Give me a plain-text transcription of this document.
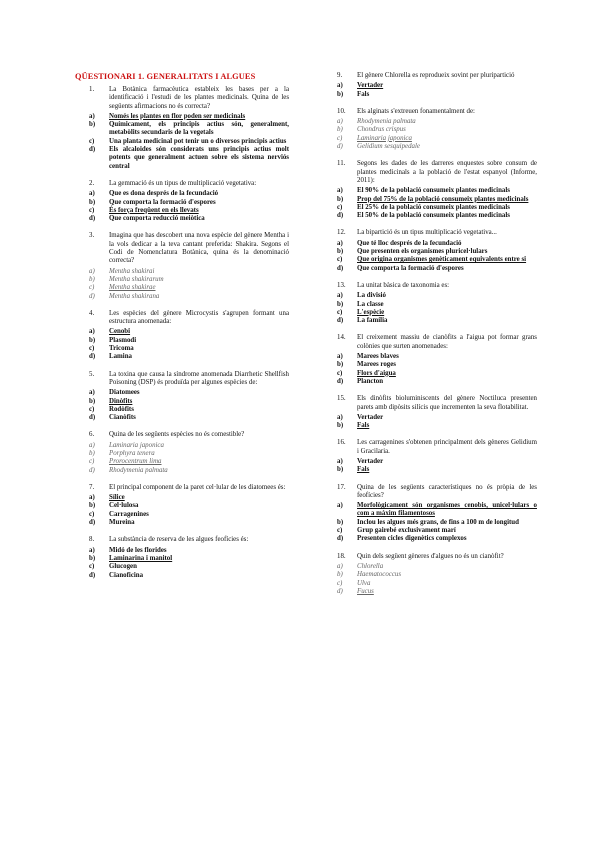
QÜESTIONARI 1. GENERALITATS I ALGUES
1. La Botànica farmacèutica estableix les bases per a la identificació i l'estudi de les plantes medicinals. Quina de les següents afirmacions no és correcta?
a) Només les plantes en flor poden ser medicinals
b) Químicament, els principis actius són, generalment, metabòlits secundaris de la vegetals
c) Una planta medicinal pot tenir un o diversos principis actius
d) Els alcaloides són considerats uns principis actius molt potents que generalment actuen sobre els sistema nerviós central
2. La gemmació és un tipus de multiplicació vegetativa:
a) Que es dona després de la fecundació
b) Que comporta la formació d'espores
c) És força freqüent en els llevats
d) Que comporta reducció meiòtica
3. Imagina que has descobert una nova espècie del gènere Mentha i la vols dedicar a la teva cantant preferida: Shakira. Segons el Codi de Nomenclatura Botànica, quina és la denominació correcta?
a) Mentha shakirai
b) Mentha shakirarum
c) Mentha shakirae
d) Mentha shakirana
4. Les espècies del gènere Microcystis s'agrupen formant una estructura anomenada:
a) Cenobi
b) Plasmodi
c) Tricoma
d) Lamina
5. La toxina que causa la síndrome anomenada Diarrhetic Shellfish Poisoning (DSP) és produïda per algunes espècies de:
a) Diatomees
b) Dinòfits
c) Rodòfits
d) Cianòfits
6. Quina de les següents espècies no és comestible?
a) Laminaria japonica
b) Porphyra tenera
c) Prorocentrum lima
d) Rhodymenia palmata
7. El principal component de la paret cel·lular de les diatomees és:
a) Sílice
b) Cel·lulosa
c) Carragenines
d) Mureina
8. La substància de reserva de les algues feofícies és:
a) Midó de les florides
b) Laminarina i manitol
c) Glucogen
d) Cianoficina
9. El gènere Chlorella es reprodueix sovint per pluripartició
a) Vertader
b) Fals
10. Els alginats s'extreuen fonamentalment de:
a) Rhodymenia palmata
b) Chondrus crispus
c) Laminaria japonica
d) Gelidium sesquipedale
11. Segons les dades de les darreres enquestes sobre consum de plantes medicinals a la població de l'estat espanyol (Informe, 2011):
a) El 90% de la població consumeix plantes medicinals
b) Prop del 75% de la població consumeix plantes medicinals
c) El 25% de la població consumeix plantes medicinals
d) El 50% de la població consumeix plantes medicinals
12. La bipartició és un tipus multiplicació vegetativa...
a) Que té lloc després de la fecundació
b) Que presenten els organismes pluricel·lulars
c) Que origina organismes genèticament equivalents entre si
d) Que comporta la formació d'espores
13. La unitat bàsica de taxonomia es:
a) La divisió
b) La classe
c) L'espècie
d) La família
14. El creixement massiu de cianòfits a l'aigua pot formar grans colònies que surten anomenades:
a) Marees blaves
b) Marees roges
c) Flors d'aigua
d) Plancton
15. Els dinòfits bioluminiscents del gènere Noctiluca presenten parets amb dipòsits silícis que incrementen la seva flotabilitat.
a) Vertader
b) Fals
16. Les carragenines s'obtenen principalment dels gèneres Gelidium i Gracilaria.
a) Vertader
b) Fals
17. Quina de les següents característiques no és pròpia de les feofícies?
a) Morfològicament són organismes cenobis, unicel·lulars o com a màxim filamentosos
b) Inclou les algues més grans, de fins a 100 m de longitud
c) Grup gairebé exclusivament marí
d) Presenten cicles digenètics complexos
18. Quin dels següent gèneres d'algues no és un cianòfit?
a) Chlorella
b) Haematococcus
c) Ulva
d) Fucus
